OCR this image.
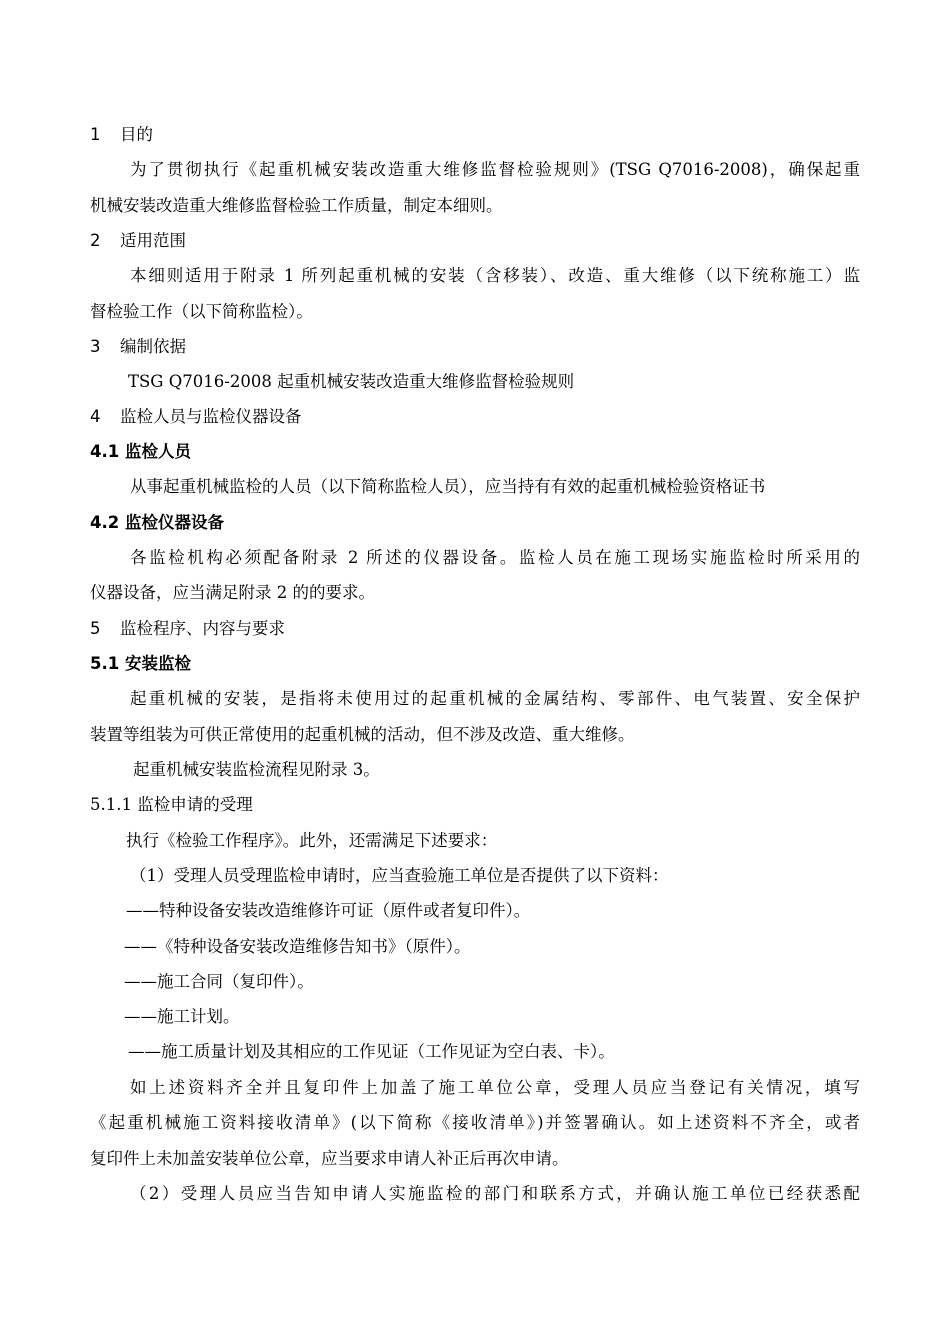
1 目的
为了贯彻执行《起重机械安装改造重大维修监督检验规则》(TSG Q7016-2008)，确保起重
机械安装改造重大维修监督检验工作质量，制定本细则。
2 适用范围
本细则适用于附录 1 所列起重机械的安装（含移装）、改造、重大维修（以下统称施工）监
督检验工作（以下简称监检）。
3 编制依据
TSG Q7016-2008 起重机械安装改造重大维修监督检验规则
4 监检人员与监检仪器设备
4.1 监检人员
从事起重机械监检的人员（以下简称监检人员），应当持有有效的起重机械检验资格证书
4.2 监检仪器设备
各监检机构必须配备附录 2 所述的仪器设备。监检人员在施工现场实施监检时所采用的
仪器设备，应当满足附录 2 的的要求。
5 监检程序、内容与要求
5.1 安装监检
起重机械的安装，是指将未使用过的起重机械的金属结构、零部件、电气装置、安全保护
装置等组装为可供正常使用的起重机械的活动，但不涉及改造、重大维修。
起重机械安装监检流程见附录 3。
5.1.1 监检申请的受理
执行《检验工作程序》。此外，还需满足下述要求：
（1）受理人员受理监检申请时，应当查验施工单位是否提供了以下资料：
——特种设备安装改造维修许可证（原件或者复印件）。
——《特种设备安装改造维修告知书》（原件）。
——施工合同（复印件）。
——施工计划。
——施工质量计划及其相应的工作见证（工作见证为空白表、卡）。
如上述资料齐全并且复印件上加盖了施工单位公章，受理人员应当登记有关情况，填写
《起重机械施工资料接收清单》(以下简称《接收清单》)并签署确认。如上述资料不齐全，或者
复印件上未加盖安装单位公章，应当要求申请人补正后再次申请。
（2）受理人员应当告知申请人实施监检的部门和联系方式，并确认施工单位已经获悉配
